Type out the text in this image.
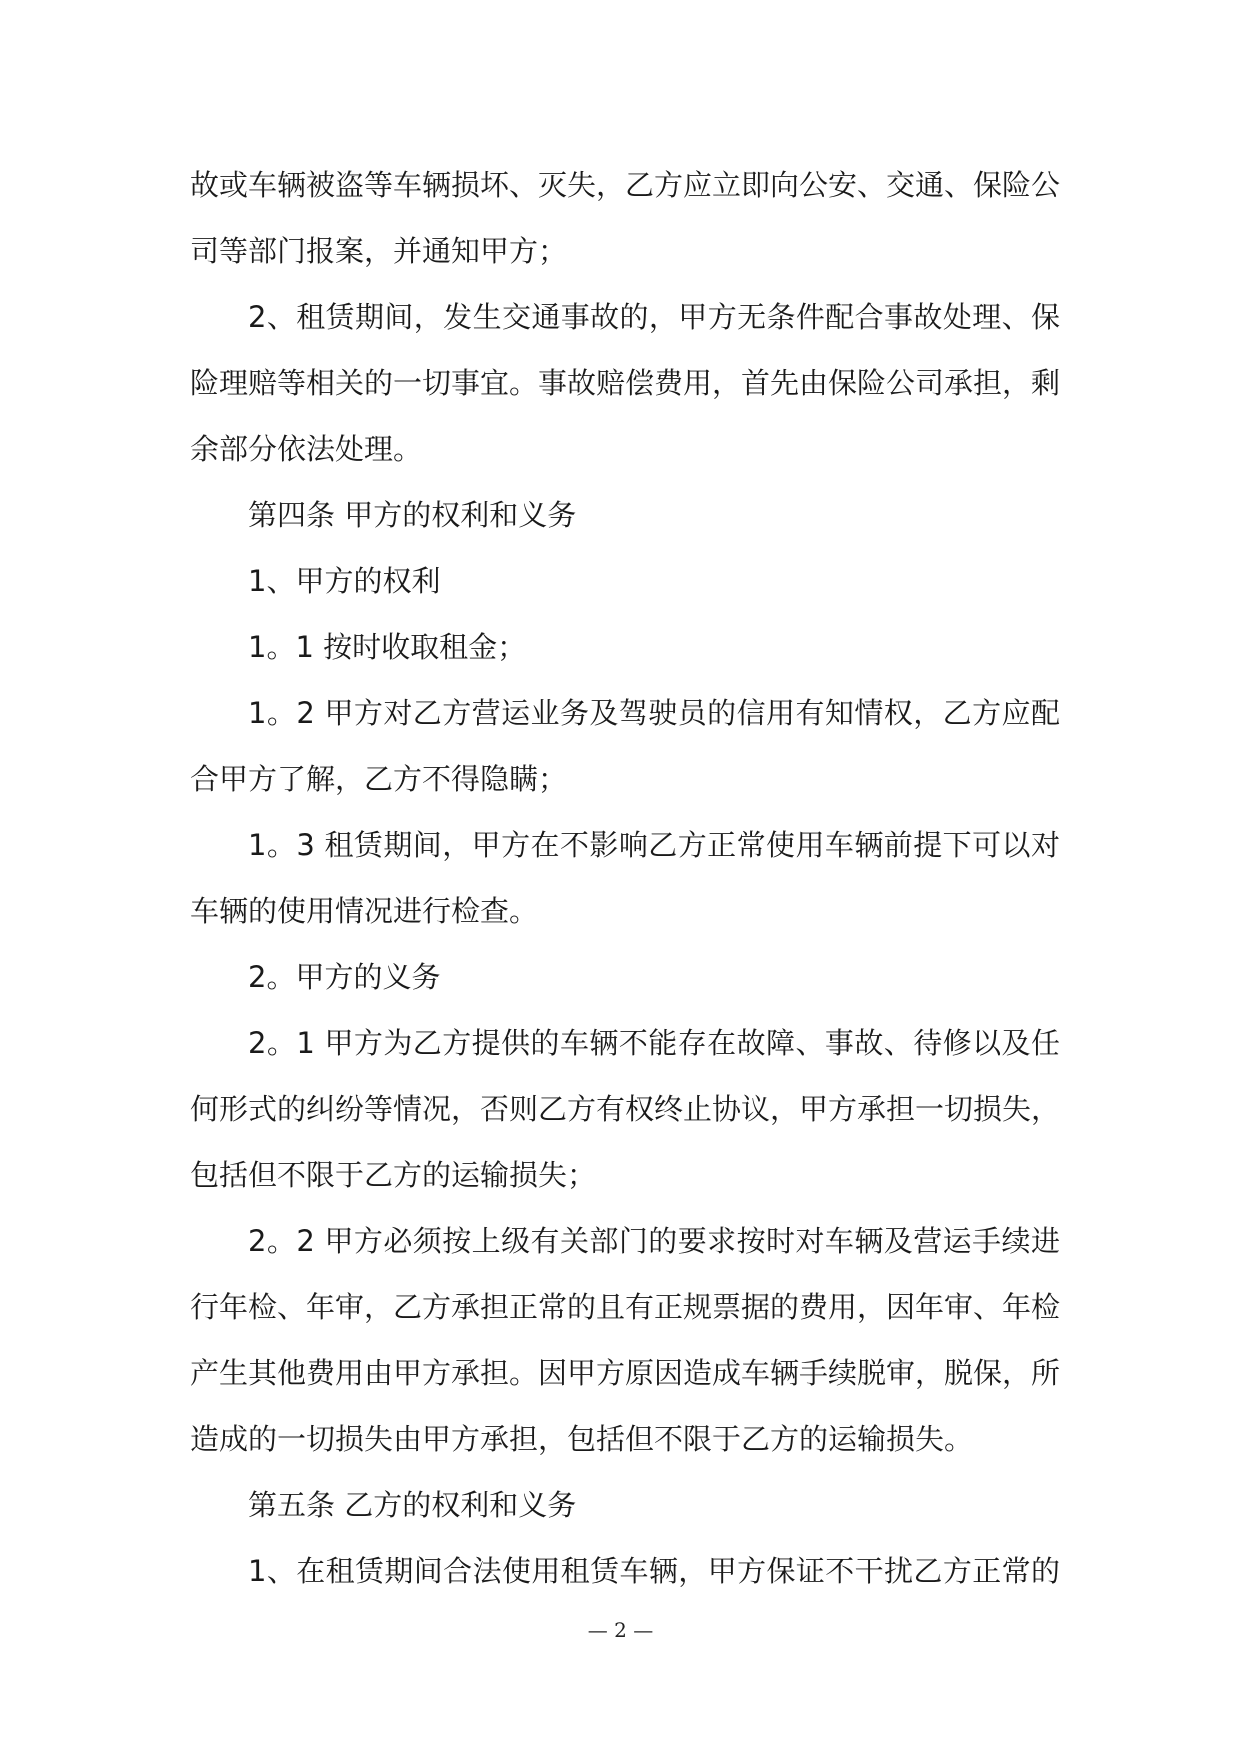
故或车辆被盗等车辆损坏、灭失，乙方应立即向公安、交通、保险公
司等部门报案，并通知甲方；
2、租赁期间，发生交通事故的，甲方无条件配合事故处理、保
险理赔等相关的一切事宜。事故赔偿费用，首先由保险公司承担，剩
余部分依法处理。
第四条 甲方的权利和义务
1、甲方的权利
1。1 按时收取租金；
1。2 甲方对乙方营运业务及驾驶员的信用有知情权，乙方应配
合甲方了解，乙方不得隐瞒；
1。3 租赁期间，甲方在不影响乙方正常使用车辆前提下可以对
车辆的使用情况进行检查。
2。甲方的义务
2。1 甲方为乙方提供的车辆不能存在故障、事故、待修以及任
何形式的纠纷等情况，否则乙方有权终止协议，甲方承担一切损失，
包括但不限于乙方的运输损失；
2。2 甲方必须按上级有关部门的要求按时对车辆及营运手续进
行年检、年审，乙方承担正常的且有正规票据的费用，因年审、年检
产生其他费用由甲方承担。因甲方原因造成车辆手续脱审，脱保，所
造成的一切损失由甲方承担，包括但不限于乙方的运输损失。
第五条 乙方的权利和义务
1、在租赁期间合法使用租赁车辆，甲方保证不干扰乙方正常的
— 2 —
